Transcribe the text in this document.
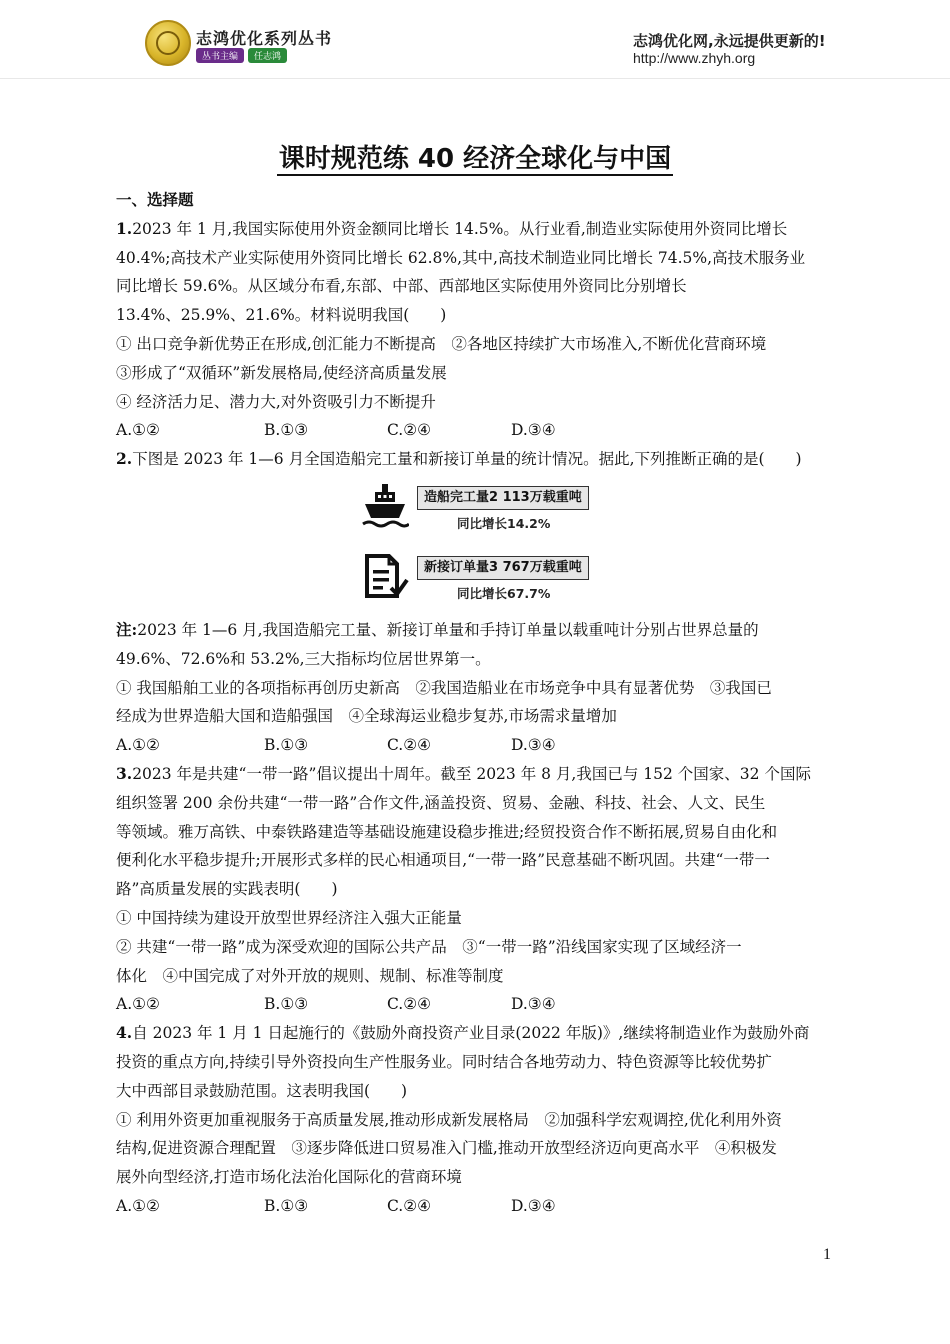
志鸿优化系列丛书
丛书主编	任志鸿
志鸿优化网,永远提供更新的!
http://www.zhyh.org
课时规范练 40 经济全球化与中国
一、选择题
1.2023 年 1 月,我国实际使用外资金额同比增长 14.5%。从行业看,制造业实际使用外资同比增长
40.4%;高技术产业实际使用外资同比增长 62.8%,其中,高技术制造业同比增长 74.5%,高技术服务业
同比增长 59.6%。从区域分布看,东部、中部、西部地区实际使用外资同比分别增长
13.4%、25.9%、21.6%。材料说明我国(　　)
① 出口竞争新优势正在形成,创汇能力不断提高　②各地区持续扩大市场准入,不断优化营商环境
③形成了“双循环”新发展格局,使经济高质量发展
④ 经济活力足、潜力大,对外资吸引力不断提升
A.①②	B.①③	C.②④	D.③④
2.下图是 2023 年 1—6 月全国造船完工量和新接订单量的统计情况。据此,下列推断正确的是(　　)
造船完工量2 113万载重吨
同比增长14.2%
新接订单量3 767万载重吨
同比增长67.7%
注:2023 年 1—6 月,我国造船完工量、新接订单量和手持订单量以载重吨计分别占世界总量的
49.6%、72.6%和 53.2%,三大指标均位居世界第一。
① 我国船舶工业的各项指标再创历史新高　②我国造船业在市场竞争中具有显著优势　③我国已
经成为世界造船大国和造船强国　④全球海运业稳步复苏,市场需求量增加
A.①②	B.①③	C.②④	D.③④
3.2023 年是共建“一带一路”倡议提出十周年。截至 2023 年 8 月,我国已与 152 个国家、32 个国际
组织签署 200 余份共建“一带一路”合作文件,涵盖投资、贸易、金融、科技、社会、人文、民生
等领域。雅万高铁、中泰铁路建造等基础设施建设稳步推进;经贸投资合作不断拓展,贸易自由化和
便利化水平稳步提升;开展形式多样的民心相通项目,“一带一路”民意基础不断巩固。共建“一带一
路”高质量发展的实践表明(　　)
① 中国持续为建设开放型世界经济注入强大正能量
② 共建“一带一路”成为深受欢迎的国际公共产品　③“一带一路”沿线国家实现了区域经济一
体化　④中国完成了对外开放的规则、规制、标准等制度
A.①②	B.①③	C.②④	D.③④
4.自 2023 年 1 月 1 日起施行的《鼓励外商投资产业目录(2022 年版)》,继续将制造业作为鼓励外商
投资的重点方向,持续引导外资投向生产性服务业。同时结合各地劳动力、特色资源等比较优势扩
大中西部目录鼓励范围。这表明我国(　　)
① 利用外资更加重视服务于高质量发展,推动形成新发展格局　②加强科学宏观调控,优化利用外资
结构,促进资源合理配置　③逐步降低进口贸易准入门槛,推动开放型经济迈向更高水平　④积极发
展外向型经济,打造市场化法治化国际化的营商环境
A.①②	B.①③	C.②④	D.③④
1
